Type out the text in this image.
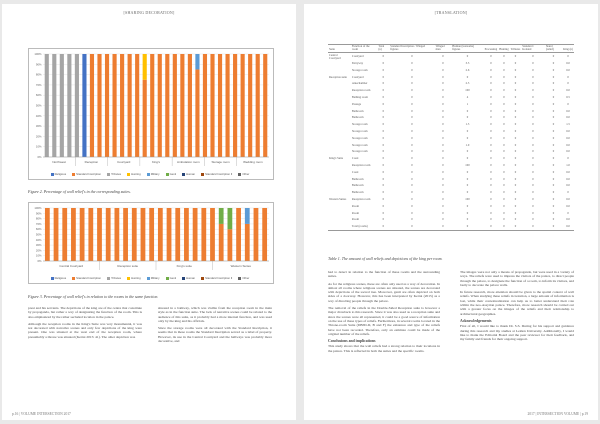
[SHARING DECORATION]
0%
10%
20%
30%
40%
50%
60%
70%
80%
90%
100%
Northwest	Reception	Courtyard	King's	Ambulation room	Storage room	Wedding room
Religious	Standard Inscription	Tributes	Hunting	Military	Genii	Human	Standard Inscription II	Other
Figure 2. Percentage of wall relief's in the corresponding suites.
0%
10%
20%
30%
40%
50%
60%
70%
80%
90%
100%
Central Courtyard	Reception suite	King's suite	Western Suites
Religious	Standard Inscription	Tributes	Hunting	Military	Genii	Human	Standard Inscription II	Other
Figure 3. Percentage of wall relief's in relation to the rooms in the same function.

prest and his servants. The depictions of the king are of the centre that constitute by propaganda, but rather a way of designating the function of the room. This is also emphasized by the rather secluded location in the palace.

Although the reception rooms in the King's Suite was very monumental, it was not decorated with narrative scenes and only few depictions of the king were present. One was situated at the west end of the reception room, where presumably a throne was situated (Kertai 2015: 41). The other depiction was

situated in a bathway, which was visible from the reception room in the main style as in the function suite. The lack of narrative scenes could be related to the audience of this suite, as it probably had a more internal function, and was used only by the king and his officials.

Since the storage rooms were all decorated with the Standard Inscription, it seems that in these rooms the Standard Inscription served as a label of property. However, its use in the Central Courtyard and the hallways was probably more decorative, and

p.16 | VOLUME INTERSECTION 2017
[TRANSLATION]
Suite	Function of the room	Total (n)	Standard Inscription / Winged figures	Winged man	Human (fearsome) figures	Processing	Hunting	Tributes	Standard / Isolated	Stand (relief)	King (n)
Central Courtyard	Courtyard	0	0	0	0	0	0	0	0	0	0
	Entryway	0	0	0	3.5	0	0	0	0	0	0.0
	Storage room	0	0	0	2.6	0	0	0	0	0	0.0
Reception suite	Courtyard	0	0	0	0	0	0	0	0	0	0
	Antechamber	0	0	0	2.5	0	0	0	0	0	0
	Reception room	0	0	0	100	0	0	0	0	0	0.0
	Bathing room	0	0	0	4	0	0	0	0	0	0.5
	Passage	0	0	0	1	0	0	0	0	0	0
	Bathroom	0	0	0	0	0	0	0	0	0	0.0
	Bathroom	0	0	0	0	0	0	0	0	0	0.0
	Storage room	0	0	0	1.5	0	0	0	0	0	1.5
	Storage room	0	0	0	0	0	0	0	0	0	0.0
	Storage room	0	0	0	0	0	0	0	0	0	0.0
	Storage room	0	0	0	1.0	0	0	0	0	0	0.0
	Storage room	0	0	0	0	0	0	0	0	0	0.0
King's Suite	Court	0	0	0	0	0	0	0	0	0	0
	Reception room	0	0	0	100	0	0	0	0	0	1.0
	Court	0	0	0	0	0	0	0	0	0	0.0
	Bathroom	0	0	0	0	0	0	0	0	0	0.0
	Bathroom	0	0	0	0	0	0	0	0	0	0.0
	Bathroom	0	0	0	0	0	0	0	0	0	0
Western Suites	Reception room	0	0	0	100	0	0	0	0	0	0.0
	Room	0	0	0	0	0	0	0	0	0	0.0
	Room	0	0	0	0	0	0	0	0	0	0
	Room	0	0	0	0	0	0	0	0	0	0.0
	Total (rooms)	0	0	0	0	0	0	0	0	0	0.0
Table 1. The amount of wall reliefs and depictions of the king per room.

had to detect in relation to the function of these rooms and the surrounding suites.

As for the religious scenes, these are often only used as a way of decoration. In almost all rooms where religious scenes are situated, the scenes are decorated with depictions of the sacred tree. Moreover, genii are often depicted on both sides of a doorway. However, this has been interpreted by Kertai (2015) as a way of directing people through the palace.

The removal of the reliefs in the Double-Sided Reception suite is however a major drawback to this research. Since it was also used as a reception suite and since the scenes were all represented, it could be a good source of information on the use of these types of reliefs. Furthermore, in several rooms located in the Throne-room Suite (DBJD-D, B and F) the existence and type of the reliefs have not been recorded. Therefore, only an estimate could be made of the original number of the reliefs.

Conclusions and implications

This study shows that the wall reliefs had a strong relation to their locations in the palace. This is reflected in both the suites and the specific rooms.

The images were not only a means of propaganda, but were used in a variety of ways. The reliefs were used to impress the visitors of the palace, to direct people through the palace, to designate the function of a room, to inform its visitors, and lastly to decorate the palace walls.

In future research, more attention should be given to the spatial context of wall reliefs. When studying these reliefs in isolation, a large amount of information is lost, while their contextualization can help us to better understand their role within the neo-Assyrian palace. Therefore, more research should be carried out with a greater focus on the images of the reliefs and their relationship to architectural geographies.

Acknowledgements

First of all, I would like to thank Dr. S.S. During for his support and guidance during this research and my studies at Leiden University. Additionally, I would like to thank the Editorial Board and the peer reviewer for their feedback, and my family and friends for their ongoing support.

2017 | INTERSECTION VOLUME | p.19
